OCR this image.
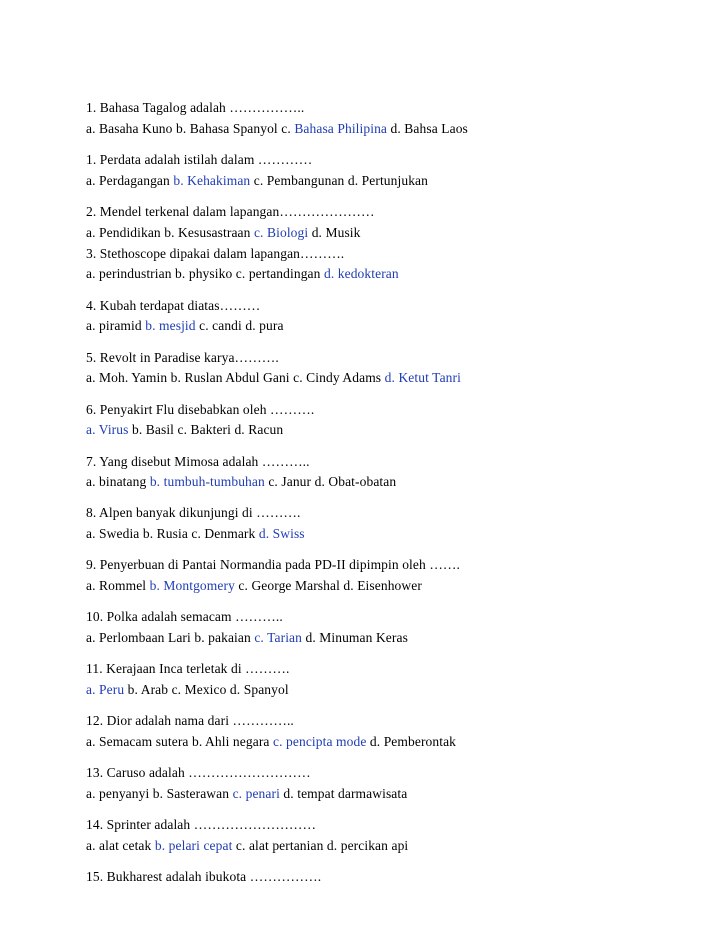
1. Bahasa Tagalog adalah ……………..
a. Basaha Kuno b. Bahasa Spanyol c. Bahasa Philipina d. Bahsa Laos
1. Perdata adalah istilah dalam …………
a. Perdagangan b. Kehakiman c. Pembangunan d. Pertunjukan
2. Mendel terkenal dalam lapangan…………………
a. Pendidikan b. Kesusastraan c. Biologi d. Musik
3. Stethoscope dipakai dalam lapangan……….
a. perindustrian b. physiko c. pertandingan d. kedokteran
4. Kubah terdapat diatas………
a. piramid b. mesjid c. candi d. pura
5. Revolt in Paradise karya……….
a. Moh. Yamin b. Ruslan Abdul Gani c. Cindy Adams d. Ketut Tanri
6. Penyakirt Flu disebabkan oleh ……….
a. Virus b. Basil c. Bakteri d. Racun
7. Yang disebut Mimosa adalah ………..
a. binatang b. tumbuh-tumbuhan c. Janur d. Obat-obatan
8. Alpen banyak dikunjungi di ……….
a. Swedia b. Rusia c. Denmark d. Swiss
9. Penyerbuan di Pantai Normandia pada PD-II dipimpin oleh …….
a. Rommel b. Montgomery c. George Marshal d. Eisenhower
10. Polka adalah semacam ………..
a. Perlombaan Lari b. pakaian c. Tarian d. Minuman Keras
11. Kerajaan Inca terletak di ……….
a. Peru b. Arab c. Mexico d. Spanyol
12. Dior adalah nama dari …………..
a. Semacam sutera b. Ahli negara c. pencipta mode d. Pemberontak
13. Caruso adalah ………………………
a. penyanyi b. Sasterawan c. penari d. tempat darmawisata
14. Sprinter adalah ………………………
a. alat cetak b. pelari cepat c. alat pertanian d. percikan api
15. Bukharest adalah ibukota …………….
